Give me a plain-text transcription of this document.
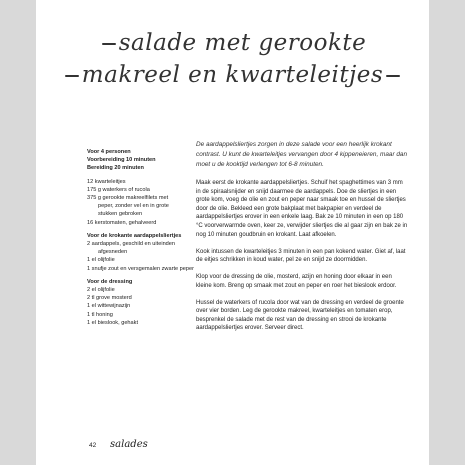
salade met gerookte
makreel en kwarteleitjes
Voor 4 personen
Voorbereiding 10 minuten
Bereiding 20 minuten
12 kwarteleitjes
175 g waterkers of rucola
375 g gerookte makreelfilets met
peper, zonder vel en in grote
stukken gebroken
16 kerstomaten, gehalveerd
Voor de krokante aardappelsliertjes
2 aardappels, geschild en uiteinden
afgesneden
1 el olijfolie
1 snufje zout en versgemalen zwarte peper
Voor de dressing
2 el olijfolie
2 tl grove mosterd
1 el wittewijnazijn
1 tl honing
1 el bieslook, gehakt

De aardappelsliertjes zorgen in deze salade voor een heerlijk krokant contrast. U kunt de kwarteleitjes vervangen door 4 kippeneieren, maar dan moet u de kooktijd verlengen tot 6-8 minuten.

Maak eerst de krokante aardappelsliertjes. Schuif het spaghettimes van 3 mm in de spiraalsnijder en snijd daarmee de aardappels. Doe de sliertjes in een grote kom, voeg de olie en zout en peper naar smaak toe en hussel de sliertjes door de olie. Bekleed een grote bakplaat met bakpapier en verdeel de aardappelsliertjes erover in een enkele laag. Bak ze 10 minuten in een op 180 °C voorverwarmde oven, keer ze, verwijder sliertjes die al gaar zijn en bak ze in nog 10 minuten goudbruin en krokant. Laat afkoelen.

Kook intussen de kwarteleitjes 3 minuten in een pan kokend water. Giet af, laat de eitjes schrikken in koud water, pel ze en snijd ze doormidden.

Klop voor de dressing de olie, mosterd, azijn en honing door elkaar in een kleine kom. Breng op smaak met zout en peper en roer het bieslook erdoor.

Hussel de waterkers of rucola door wat van de dressing en verdeel de groente over vier borden. Leg de gerookte makreel, kwarteleitjes en tomaten erop, besprenkel de salade met de rest van de dressing en strooi de krokante aardappelsliertjes erover. Serveer direct.

42 salades
